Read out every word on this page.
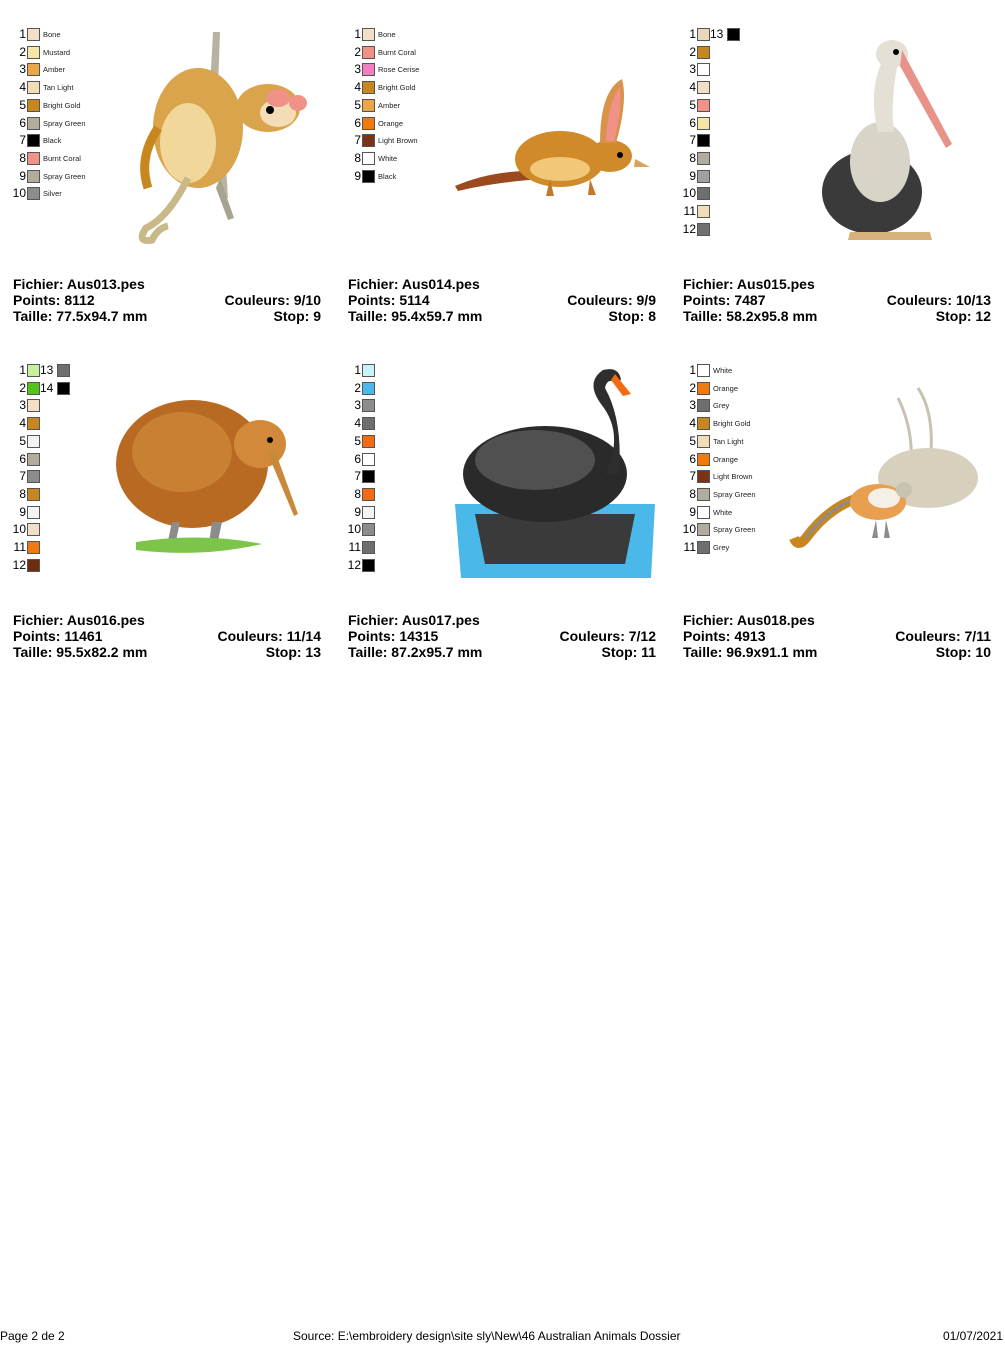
1 Bone
2 Mustard
3 Amber
4 Tan Light
5 Bright Gold
6 Spray Green
7 Black
8 Burnt Coral
9 Spray Green
10 Silver
Fichier: Aus013.pes
Points: 8112	Couleurs: 9/10
Taille: 77.5x94.7 mm	Stop: 9
1 Bone
2 Burnt Coral
3 Rose Cerise
4 Bright Gold
5 Amber
6 Orange
7 Light Brown
8 White
9 Black
Fichier: Aus014.pes
Points: 5114	Couleurs: 9/9
Taille: 95.4x59.7 mm	Stop: 8
1 13
2
3
4
5
6
7
8
9
10
11
12
Fichier: Aus015.pes
Points: 7487	Couleurs: 10/13
Taille: 58.2x95.8 mm	Stop: 12
1 13
2 14
3
4
5
6
7
8
9
10
11
12
Fichier: Aus016.pes
Points: 11461	Couleurs: 11/14
Taille: 95.5x82.2 mm	Stop: 13
1
2
3
4
5
6
7
8
9
10
11
12
Fichier: Aus017.pes
Points: 14315	Couleurs: 7/12
Taille: 87.2x95.7 mm	Stop: 11
1 White
2 Orange
3 Grey
4 Bright Gold
5 Tan Light
6 Orange
7 Light Brown
8 Spray Green
9 White
10 Spray Green
11 Grey
Fichier: Aus018.pes
Points: 4913	Couleurs: 7/11
Taille: 96.9x91.1 mm	Stop: 10
Page 2 de 2	Source: E:\embroidery design\site sly\New\46 Australian Animals Dossier	01/07/2021
